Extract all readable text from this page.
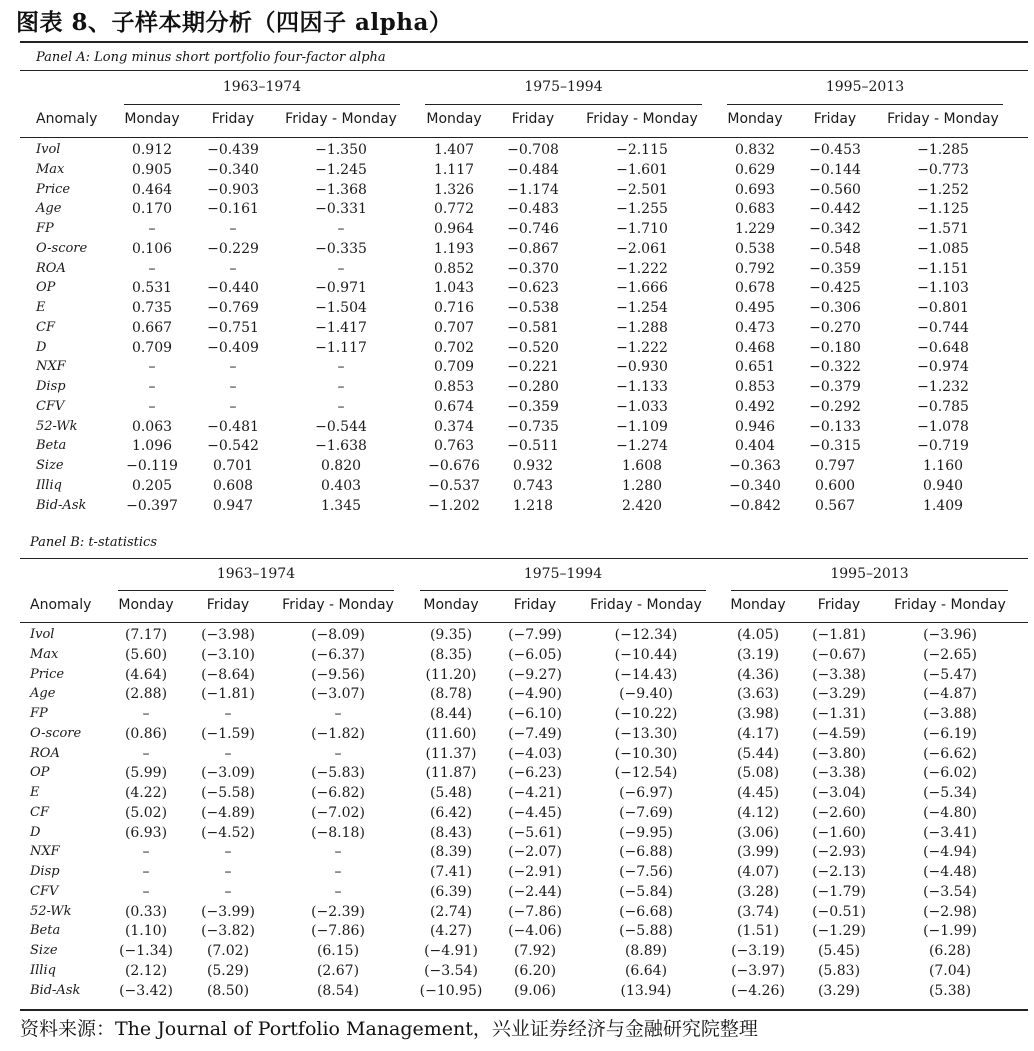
图表 8、子样本期分析（四因子 alpha）
Panel A: Long minus short portfolio four-factor alpha
1963–1974	1975–1994	1995–2013
Anomaly	Monday	Friday	Friday - Monday	Monday	Friday	Friday - Monday	Monday	Friday	Friday - Monday
Ivol	0.912	−0.439	−1.350	1.407	−0.708	−2.115	0.832	−0.453	−1.285
Max	0.905	−0.340	−1.245	1.117	−0.484	−1.601	0.629	−0.144	−0.773
Price	0.464	−0.903	−1.368	1.326	−1.174	−2.501	0.693	−0.560	−1.252
Age	0.170	−0.161	−0.331	0.772	−0.483	−1.255	0.683	−0.442	−1.125
FP	–	–	–	0.964	−0.746	−1.710	1.229	−0.342	−1.571
O-score	0.106	−0.229	−0.335	1.193	−0.867	−2.061	0.538	−0.548	−1.085
ROA	–	–	–	0.852	−0.370	−1.222	0.792	−0.359	−1.151
OP	0.531	−0.440	−0.971	1.043	−0.623	−1.666	0.678	−0.425	−1.103
E	0.735	−0.769	−1.504	0.716	−0.538	−1.254	0.495	−0.306	−0.801
CF	0.667	−0.751	−1.417	0.707	−0.581	−1.288	0.473	−0.270	−0.744
D	0.709	−0.409	−1.117	0.702	−0.520	−1.222	0.468	−0.180	−0.648
NXF	–	–	–	0.709	−0.221	−0.930	0.651	−0.322	−0.974
Disp	–	–	–	0.853	−0.280	−1.133	0.853	−0.379	−1.232
CFV	–	–	–	0.674	−0.359	−1.033	0.492	−0.292	−0.785
52-Wk	0.063	−0.481	−0.544	0.374	−0.735	−1.109	0.946	−0.133	−1.078
Beta	1.096	−0.542	−1.638	0.763	−0.511	−1.274	0.404	−0.315	−0.719
Size	−0.119	0.701	0.820	−0.676	0.932	1.608	−0.363	0.797	1.160
Illiq	0.205	0.608	0.403	−0.537	0.743	1.280	−0.340	0.600	0.940
Bid-Ask	−0.397	0.947	1.345	−1.202	1.218	2.420	−0.842	0.567	1.409
Panel B: t-statistics
1963–1974	1975–1994	1995–2013
Anomaly	Monday	Friday	Friday - Monday	Monday	Friday	Friday - Monday	Monday	Friday	Friday - Monday
Ivol	(7.17)	(−3.98)	(−8.09)	(9.35)	(−7.99)	(−12.34)	(4.05)	(−1.81)	(−3.96)
Max	(5.60)	(−3.10)	(−6.37)	(8.35)	(−6.05)	(−10.44)	(3.19)	(−0.67)	(−2.65)
Price	(4.64)	(−8.64)	(−9.56)	(11.20)	(−9.27)	(−14.43)	(4.36)	(−3.38)	(−5.47)
Age	(2.88)	(−1.81)	(−3.07)	(8.78)	(−4.90)	(−9.40)	(3.63)	(−3.29)	(−4.87)
FP	–	–	–	(8.44)	(−6.10)	(−10.22)	(3.98)	(−1.31)	(−3.88)
O-score	(0.86)	(−1.59)	(−1.82)	(11.60)	(−7.49)	(−13.30)	(4.17)	(−4.59)	(−6.19)
ROA	–	–	–	(11.37)	(−4.03)	(−10.30)	(5.44)	(−3.80)	(−6.62)
OP	(5.99)	(−3.09)	(−5.83)	(11.87)	(−6.23)	(−12.54)	(5.08)	(−3.38)	(−6.02)
E	(4.22)	(−5.58)	(−6.82)	(5.48)	(−4.21)	(−6.97)	(4.45)	(−3.04)	(−5.34)
CF	(5.02)	(−4.89)	(−7.02)	(6.42)	(−4.45)	(−7.69)	(4.12)	(−2.60)	(−4.80)
D	(6.93)	(−4.52)	(−8.18)	(8.43)	(−5.61)	(−9.95)	(3.06)	(−1.60)	(−3.41)
NXF	–	–	–	(8.39)	(−2.07)	(−6.88)	(3.99)	(−2.93)	(−4.94)
Disp	–	–	–	(7.41)	(−2.91)	(−7.56)	(4.07)	(−2.13)	(−4.48)
CFV	–	–	–	(6.39)	(−2.44)	(−5.84)	(3.28)	(−1.79)	(−3.54)
52-Wk	(0.33)	(−3.99)	(−2.39)	(2.74)	(−7.86)	(−6.68)	(3.74)	(−0.51)	(−2.98)
Beta	(1.10)	(−3.82)	(−7.86)	(4.27)	(−4.06)	(−5.88)	(1.51)	(−1.29)	(−1.99)
Size	(−1.34)	(7.02)	(6.15)	(−4.91)	(7.92)	(8.89)	(−3.19)	(5.45)	(6.28)
Illiq	(2.12)	(5.29)	(2.67)	(−3.54)	(6.20)	(6.64)	(−3.97)	(5.83)	(7.04)
Bid-Ask	(−3.42)	(8.50)	(8.54)	(−10.95)	(9.06)	(13.94)	(−4.26)	(3.29)	(5.38)
资料来源：The Journal of Portfolio Management，兴业证券经济与金融研究院整理
